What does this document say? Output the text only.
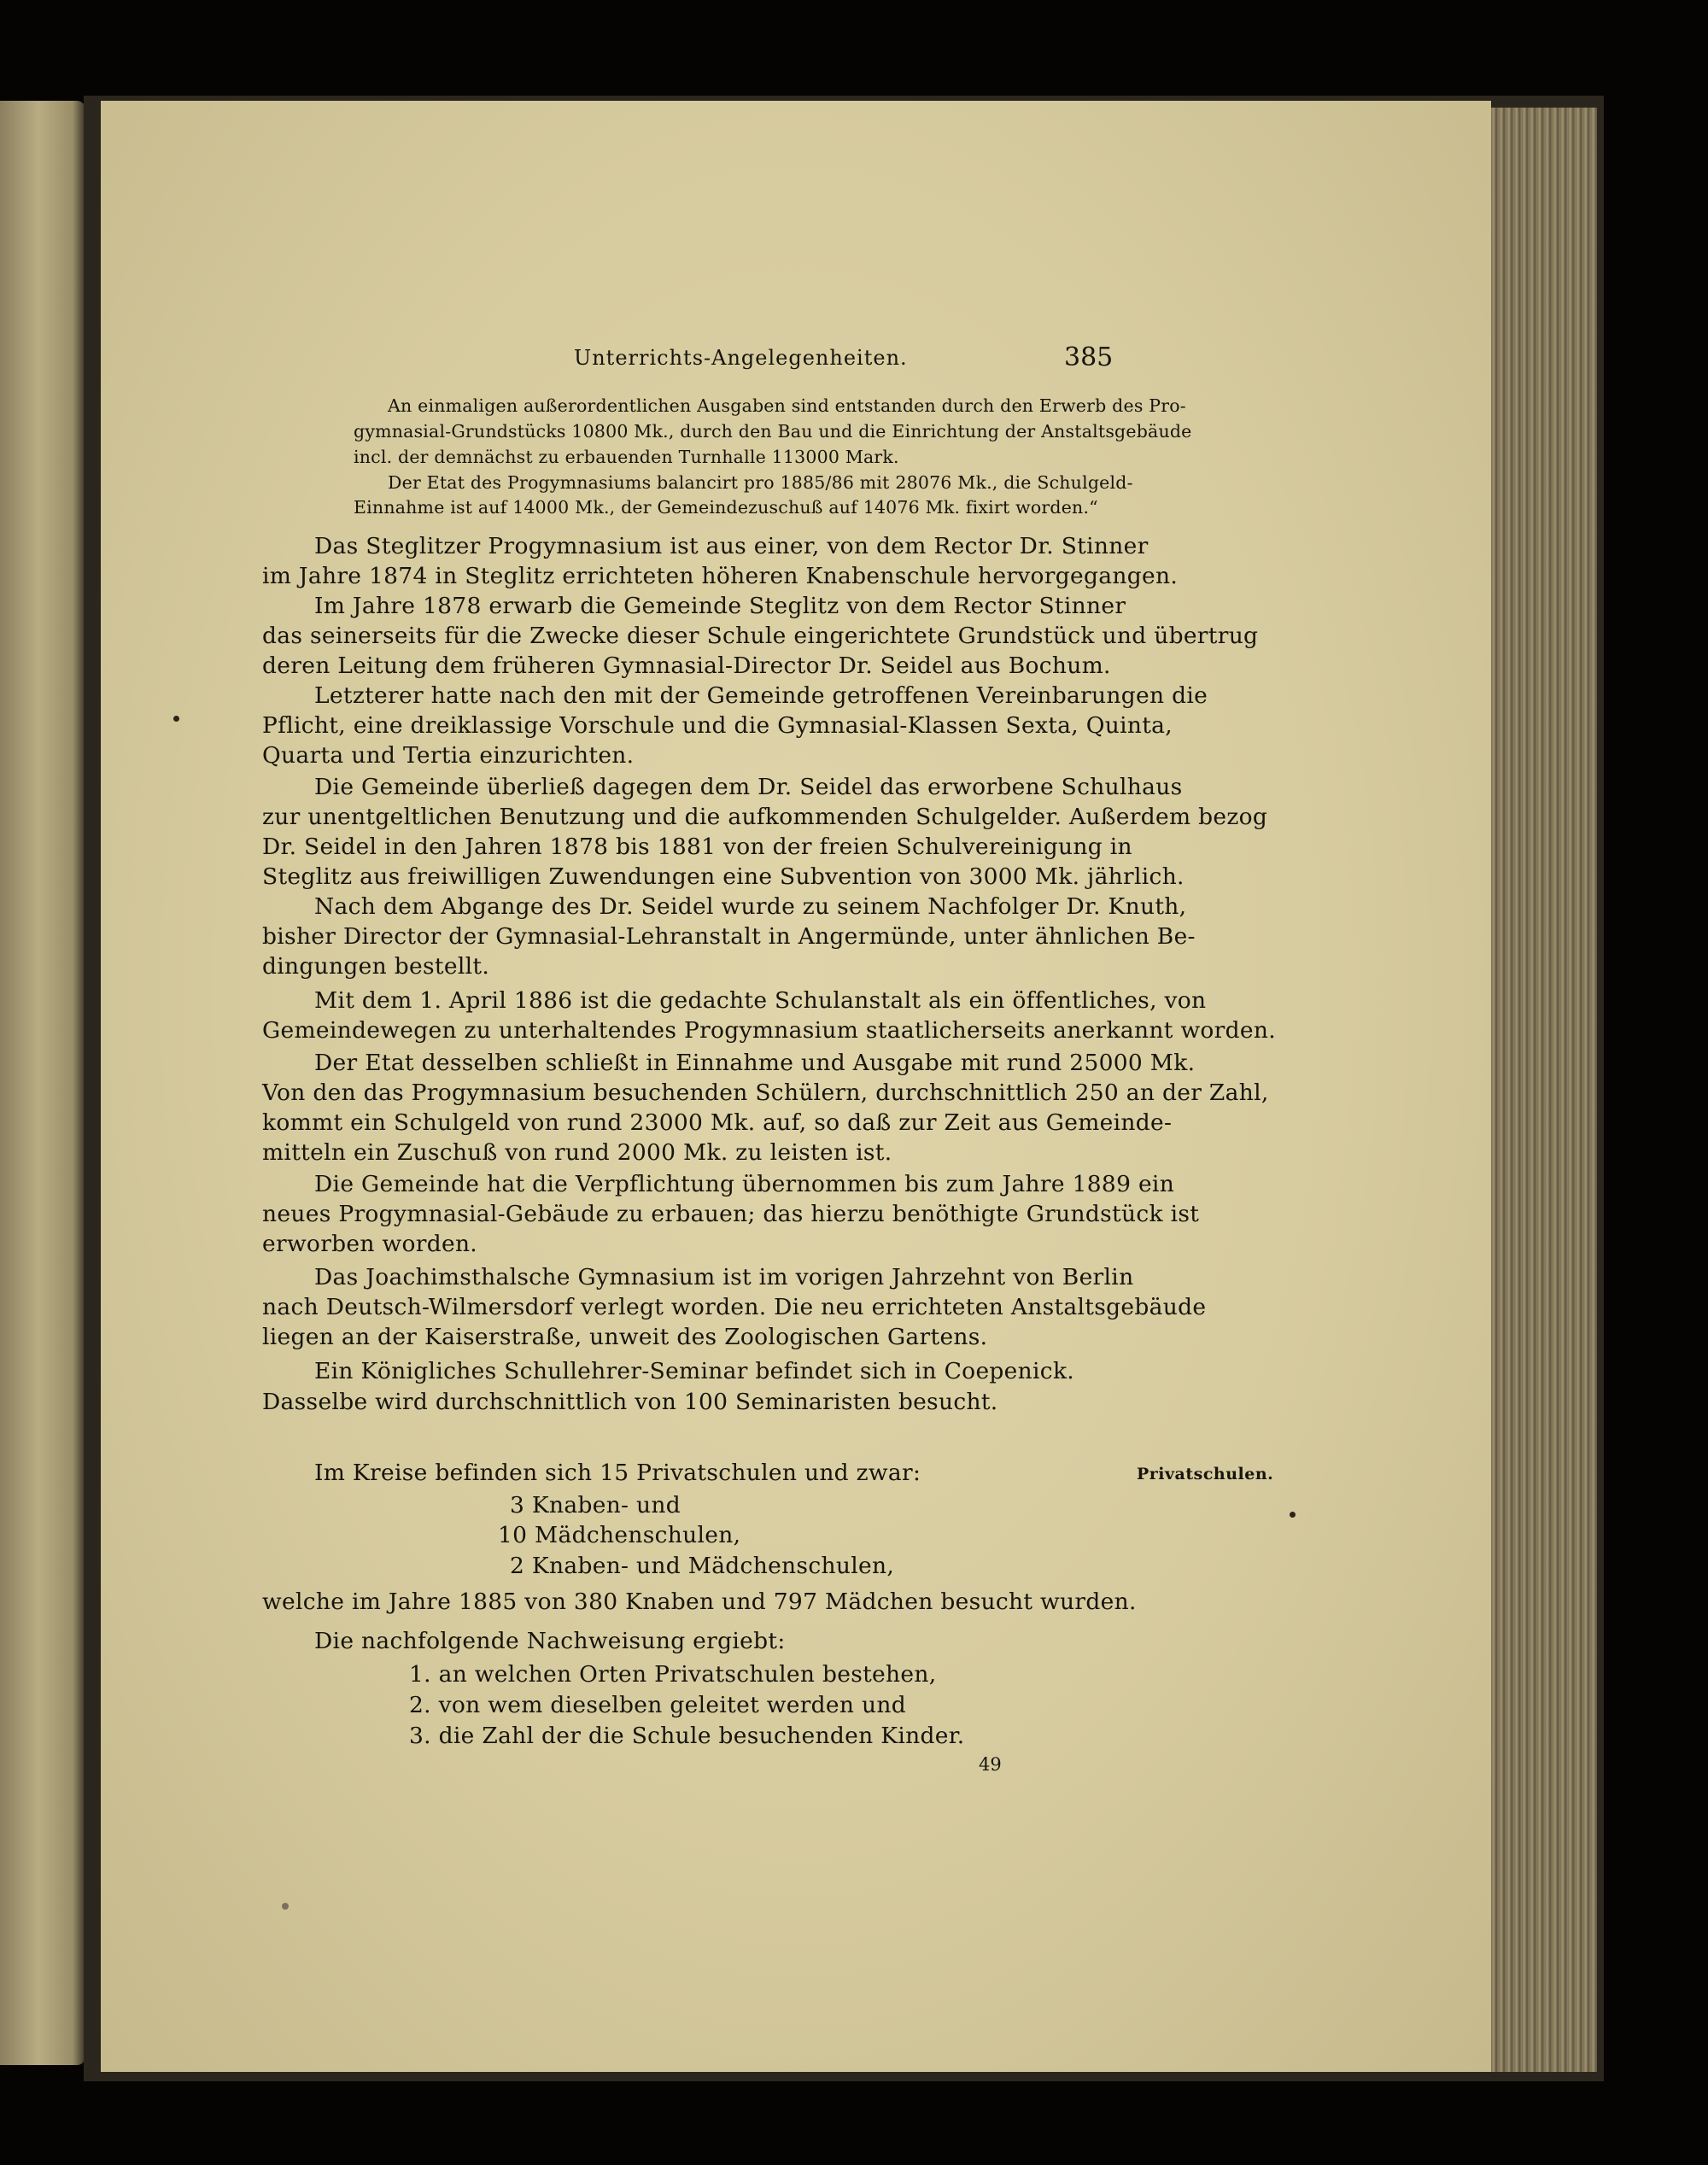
Unterrichts-Angelegenheiten.	385
An einmaligen außerordentlichen Ausgaben sind entstanden durch den Erwerb des Pro-
gymnasial-Grundstücks 10800 Mk., durch den Bau und die Einrichtung der Anstaltsgebäude
incl. der demnächst zu erbauenden Turnhalle 113000 Mark.
Der Etat des Progymnasiums balancirt pro 1885/86 mit 28076 Mk., die Schulgeld-
Einnahme ist auf 14000 Mk., der Gemeindezuschuß auf 14076 Mk. fixirt worden.“
Das Steglitzer Progymnasium ist aus einer, von dem Rector Dr. Stinner
im Jahre 1874 in Steglitz errichteten höheren Knabenschule hervorgegangen.
Im Jahre 1878 erwarb die Gemeinde Steglitz von dem Rector Stinner
das seinerseits für die Zwecke dieser Schule eingerichtete Grundstück und übertrug
deren Leitung dem früheren Gymnasial-Director Dr. Seidel aus Bochum.
Letzterer hatte nach den mit der Gemeinde getroffenen Vereinbarungen die
Pflicht, eine dreiklassige Vorschule und die Gymnasial-Klassen Sexta, Quinta,
Quarta und Tertia einzurichten.
Die Gemeinde überließ dagegen dem Dr. Seidel das erworbene Schulhaus
zur unentgeltlichen Benutzung und die aufkommenden Schulgelder. Außerdem bezog
Dr. Seidel in den Jahren 1878 bis 1881 von der freien Schulvereinigung in
Steglitz aus freiwilligen Zuwendungen eine Subvention von 3000 Mk. jährlich.
Nach dem Abgange des Dr. Seidel wurde zu seinem Nachfolger Dr. Knuth,
bisher Director der Gymnasial-Lehranstalt in Angermünde, unter ähnlichen Be-
dingungen bestellt.
Mit dem 1. April 1886 ist die gedachte Schulanstalt als ein öffentliches, von
Gemeindewegen zu unterhaltendes Progymnasium staatlicherseits anerkannt worden.
Der Etat desselben schließt in Einnahme und Ausgabe mit rund 25000 Mk.
Von den das Progymnasium besuchenden Schülern, durchschnittlich 250 an der Zahl,
kommt ein Schulgeld von rund 23000 Mk. auf, so daß zur Zeit aus Gemeinde-
mitteln ein Zuschuß von rund 2000 Mk. zu leisten ist.
Die Gemeinde hat die Verpflichtung übernommen bis zum Jahre 1889 ein
neues Progymnasial-Gebäude zu erbauen; das hierzu benöthigte Grundstück ist
erworben worden.
Das Joachimsthalsche Gymnasium ist im vorigen Jahrzehnt von Berlin
nach Deutsch-Wilmersdorf verlegt worden. Die neu errichteten Anstaltsgebäude
liegen an der Kaiserstraße, unweit des Zoologischen Gartens.
Ein Königliches Schullehrer-Seminar befindet sich in Coepenick.
Dasselbe wird durchschnittlich von 100 Seminaristen besucht.
Im Kreise befinden sich 15 Privatschulen und zwar:	Privatschulen.
3 Knaben- und
10 Mädchenschulen,
2 Knaben- und Mädchenschulen,
welche im Jahre 1885 von 380 Knaben und 797 Mädchen besucht wurden.
Die nachfolgende Nachweisung ergiebt:
1. an welchen Orten Privatschulen bestehen,
2. von wem dieselben geleitet werden und
3. die Zahl der die Schule besuchenden Kinder.
49
